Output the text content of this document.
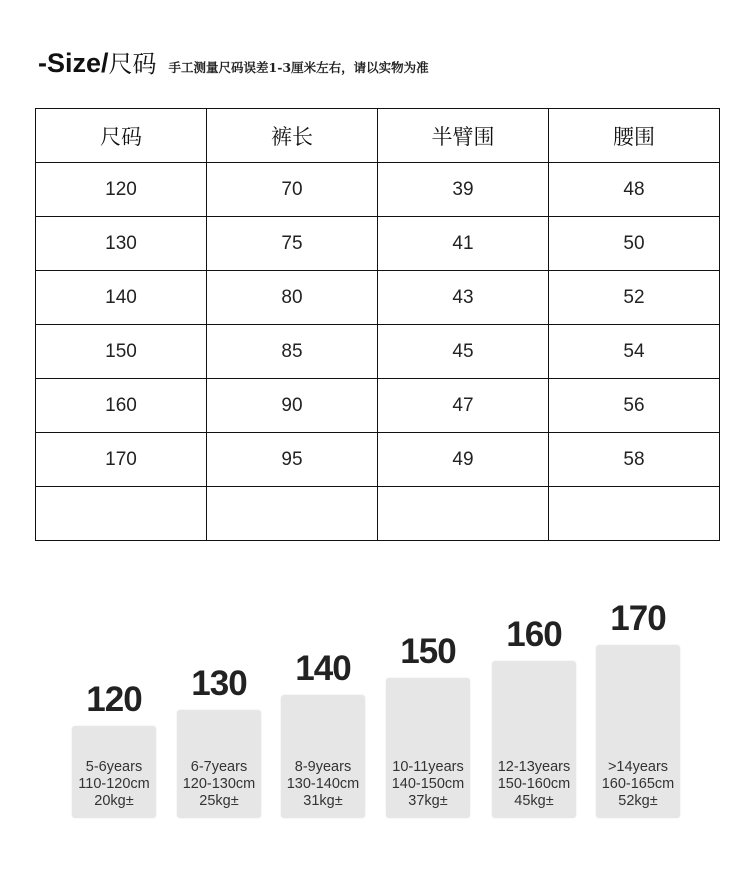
-Size/ 尺码 手工测量尺码误差1-3厘米左右，请以实物为准
尺码	裤长	半臂围	腰围
120	70	39	48
130	75	41	50
140	80	43	52
150	85	45	54
160	90	47	56
170	95	49	58

120
5-6years
110-120cm
20kg±
130
6-7years
120-130cm
25kg±
140
8-9years
130-140cm
31kg±
150
10-11years
140-150cm
37kg±
160
12-13years
150-160cm
45kg±
170
>14years
160-165cm
52kg±
